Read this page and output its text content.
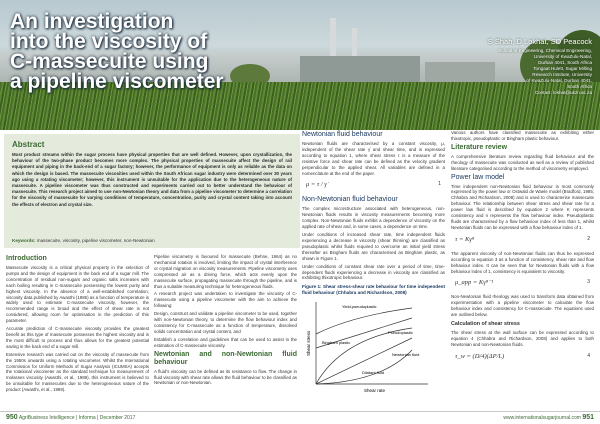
An investigation
into the viscosity of
C-massecuite using
a pipeline viscometer
S Shah, D Lokhat, SD Peacock
School of Engineering, Chemical Engineering,
University of KwaZulu-Natal,
Durban 4041, South Africa
Tongaat Hulett, Sugar Milling
Research Institute, University
of KwaZulu-Natal, Durban 4041,
South Africa
Contact: lokhat@ukzn.ac.za
Abstract
Most product streams within the sugar process have physical properties that are well defined. However, upon crystallization, the behaviour of the two-phase product becomes more complex. The physical properties of massecuite affect the design of rail equipment and piping in the back-end of a sugar factory; however, the performance of equipment is only as reliable as the data on which the design is based. The massecuite viscosities used within the South African sugar industry were determined over 30 years ago using a rotating viscometer; however, this instrument is unsuitable for the application due to the heterogeneous nature of massecuite. A pipeline viscometer was thus constructed and experiments carried out to better understand the behaviour of massecuite. This research project aimed to use non-Newtonian theory and data from a pipeline viscometer to determine a correlation for the viscosity of massecuite for varying conditions of temperature, concentration, purity and crystal content taking into account the effects of electron and crystal size.
Keywords: massecuite, viscosity, pipeline viscometer, non-Newtonian
Introduction

Massecuite viscosity is a critical physical property in the selection of pumps and the design of equipment in the back end of a sugar mill. The concentration of residual non-sugars and organic salts increases with each boiling resulting in C-massecuite possessing the lowest purity and highest viscosity. In the absence of a well-established correlation, viscosity data published by Awasthi (1986) as a function of temperature is widely used to estimate C-massecuite viscosity, however, the recommended range is broad and the effect of shear rate is not considered, allowing room for optimisation in the prediction of this parameter.

Accurate prediction of C-massecuite viscosity provides the greatest benefit as this type of massecuite possesses the highest viscosity and is the most difficult to process and thus allows for the greatest potential saving in the back end of a sugar mill.

Extensive research was carried out on the viscosity of massecuite from the 1950s onwards using a rotating viscometer. Whilst the International Commission for Uniform Methods of Sugar Analysis (ICUMSA) accepts the rotational viscometer as the standard technique for measurement of molasses viscosity (Awasthi, et al., 1989), this instrument is believed to be unsuitable for massecuites due to the heterogeneous nature of the product (Awasthi, et al., 1989).

Pipeline viscometry is favoured for massecuite (Behne, 1964) as no mechanical rotation is involved, limiting the impact of crystal interference or crystal migration on viscosity measurements. Pipeline viscometry uses compressed air as a driving force, which acts evenly upon the massecuite surface, propagating massecuite through the pipeline, and is thus a suitable measuring technique for heterogeneous fluids.

A research project was undertaken to investigate the viscosity of C-massecuite using a pipeline viscometer with the aim to achieve the following:

Design, construct and validate a pipeline viscometer to be used, together with non-Newtonian theory, to determine the flow behaviour index and consistency for C-massecuite as a function of temperature, dissolved solids concentration and crystal content, and

Establish a correlation and guidelines that can be used to assist in the estimation of C-massecuite viscosity.

Newtonian and non-Newtonian fluid behaviour

A fluid's viscosity can be defined as its resistance to flow. The change in fluid viscosity with shear rate allows the fluid behaviour to be classified as Newtonian or non-Newtonian.

Newtonian fluid behaviour

Newtonian fluids are characterised by a constant viscosity, μ, independent of the shear rate γ̇ and shear time, and is expressed according to equation 1, where shear stress τ is a measure of the resistive force and shear rate can be defined as the velocity gradient perpendicular to the applied shear. All variables are defined in a nomenclature at the end of the paper.

μ = τ / γ̇	1
Non-Newtonian fluid behaviour

The complex microstructure associated with heterogeneous, non-Newtonian fluids results in viscosity measurements becoming more complex. Non-Newtonian fluids exhibit a dependence of viscosity on the applied rate of shear and, in some cases, a dependence on time.

Under conditions of increased shear rate, time independent fluids experiencing a decrease in viscosity (shear thinning) are classified as pseudoplastic whilst fluids required to overcome an initial yield stress thereafter as Bingham fluids are characterised as Bingham plastic, as shown in Figure 1.

Under conditions of constant shear rate over a period of time, time-dependent fluids experiencing a decrease in viscosity are classified as exhibiting thixotropic behaviour.

Figure 1: Shear stress-shear rate behaviour for time independent fluid behaviour (Chhabra and Richardson, 2008)
Shear stress
Shear rate
Yield-pseudoplastic
Bingham plastic
Pseudoplastic
Newtonian fluid
Dilatant fluid

Various authors have classified massecuite as exhibiting either thixotropic, pseudoplastic or Bingham plastic behaviour.

Literature review

A comprehensive literature review regarding fluid behaviour and the rheology of massecuite was conducted as well as a review of published literature categorised according to the method of viscometry employed.

Power law model

Time independent non-Newtonian fluid behaviour is most commonly expressed by the power law or Ostwald de Waele model (Bradford, 1985; Chhabra and Richardson, 2008) and is used to characterise massecuite behaviour. The relationship between shear stress and shear rate for a power law fluid is described by equation 2 where K represents consistency and n represents the flow behaviour index. Pseudoplastic fluids are characterised by a flow behaviour index of less than 1, whilst Newtonian fluids can be expressed with a flow behaviour index of 1.

τ = Kγ̇ⁿ	2

The apparent viscosity of non-Newtonian fluids can thus be expressed according to equation 3 as a function of consistency, shear rate and flow behaviour index. It can be seen that for Newtonian fluids with a flow behaviour index of 1, consistency is equivalent to viscosity.

μ_app = Kγ̇ⁿ⁻¹	3

Non-Newtonian fluid rheology was used to transform data obtained from experimentation with a pipeline viscometer to calculate the flow behaviour index and consistency for C-massecuite. The equations used are outlined below.

Calculation of shear stress

The shear stress at the wall surface can be expressed according to equation 4 (Chhabra and Richardson, 2008) and applies to both Newtonian and non-Newtonian fluids.

τ_w = (D/4)(ΔP/L)	4
950 AgriBusiness Intelligence | Informa | December 2017	www.internationalsugarjournal.com 951
